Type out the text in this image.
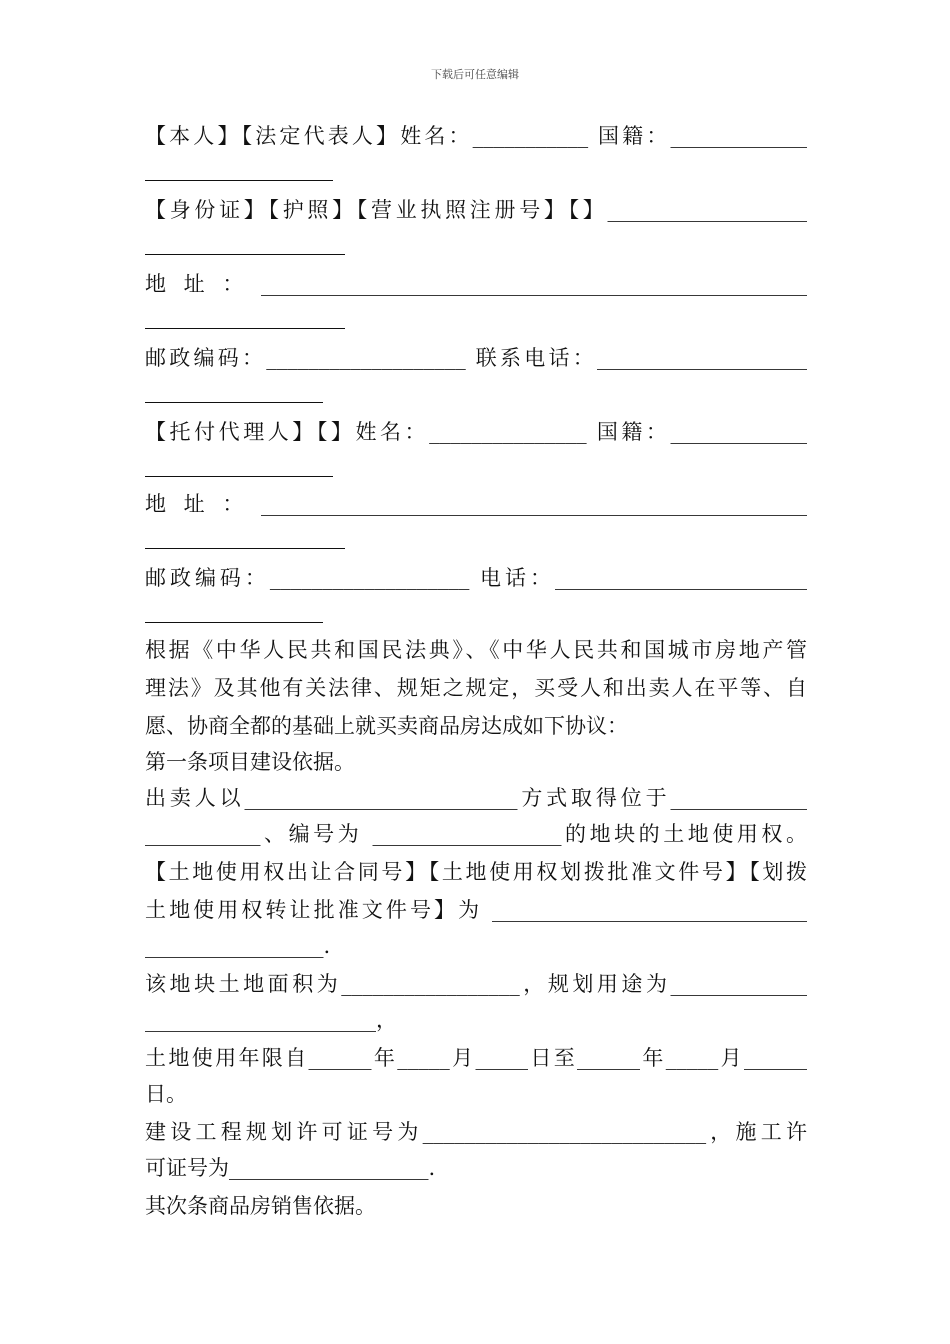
下载后可任意编辑
【本人】【法定代表人】姓名：___________ 国籍：_____________
【身份证】【护照】【营业执照注册号】【】___________________
地址：____________________________________________________
邮政编码：___________________ 联系电话：____________________
【托付代理人】【】姓名：_______________ 国籍：_____________
地址：____________________________________________________
邮政编码：___________________ 电话：________________________
根据《中华人民共和国民法典》、《中华人民共和国城市房地产管
理法》及其他有关法律、规矩之规定，买受人和出卖人在平等、自
愿、协商全都的基础上就买卖商品房达成如下协议：
第一条项目建设依据。
出卖人以__________________________方式取得位于_____________
___________、编号为 __________________的地块的土地使用权。
【土地使用权出让合同号】【土地使用权划拨批准文件号】【划拨
土地使用权转让批准文件号】为 ______________________________
_________________.
该地块土地面积为_________________，规划用途为_____________
______________________，
土地使用年限自______年_____月_____日至______年_____月______
日。
建设工程规划许可证号为___________________________，施工许
可证号为___________________.
其次条商品房销售依据。
